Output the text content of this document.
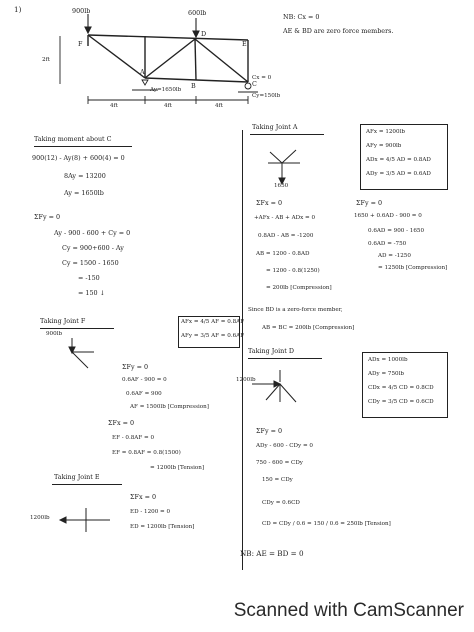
1)
F
A
B
E
D
C
900lb	600lb
2ft
4ft	4ft	4ft
Cx = 0
Ay=1650lb
Cy=150lb
NB: Cx = 0
AE & BD are zero force members.
Taking moment about C
900(12) - Ay(8) + 600(4) = 0
8Ay = 13200
Ay = 1650lb
ΣFy = 0
Ay - 900 - 600 + Cy = 0
Cy = 900+600 - Ay
Cy = 1500 - 1650
= -150
= 150 ↓
Taking Joint A
1650
AFx = 1200lb
AFy = 900lb
ADx = 4/5 AD = 0.8AD
ADy = 3/5 AD = 0.6AD
ΣFx = 0
+AFx - AB + ADx = 0
0.8AD - AB = -1200
AB = 1200 - 0.8AD
= 1200 - 0.8(1250)
= 200lb [Compression]
ΣFy = 0
1650 + 0.6AD - 900 = 0
0.6AD = 900 - 1650
0.6AD = -750
AD = -1250
= 1250lb [Compression]
Since BD is a zero-force member,
AB = BC = 200lb [Compression]
Taking Joint F
900lb
AFx = 4/5 AF = 0.8AF
AFy = 3/5 AF = 0.6AF
ΣFy = 0
0.6AF - 900 = 0
0.6AF = 900
AF = 1500lb [Compression]
ΣFx = 0
EF - 0.8AF = 0
EF = 0.8AF = 0.8(1500)
= 1200lb [Tension]
Taking Joint D
1200lb
ADx = 1000lb
ADy = 750lb
CDx = 4/5 CD = 0.8CD
CDy = 3/5 CD = 0.6CD
ΣFy = 0
ADy - 600 - CDy = 0
750 - 600 = CDy
150 = CDy
CDy = 0.6CD
CD = CDy / 0.6 = 150 / 0.6 = 250lb [Tension]
Taking Joint E
1200lb
ΣFx = 0
ED - 1200 = 0
ED = 1200lb [Tension]
NB: AE = BD = 0
Scanned with CamScanner
